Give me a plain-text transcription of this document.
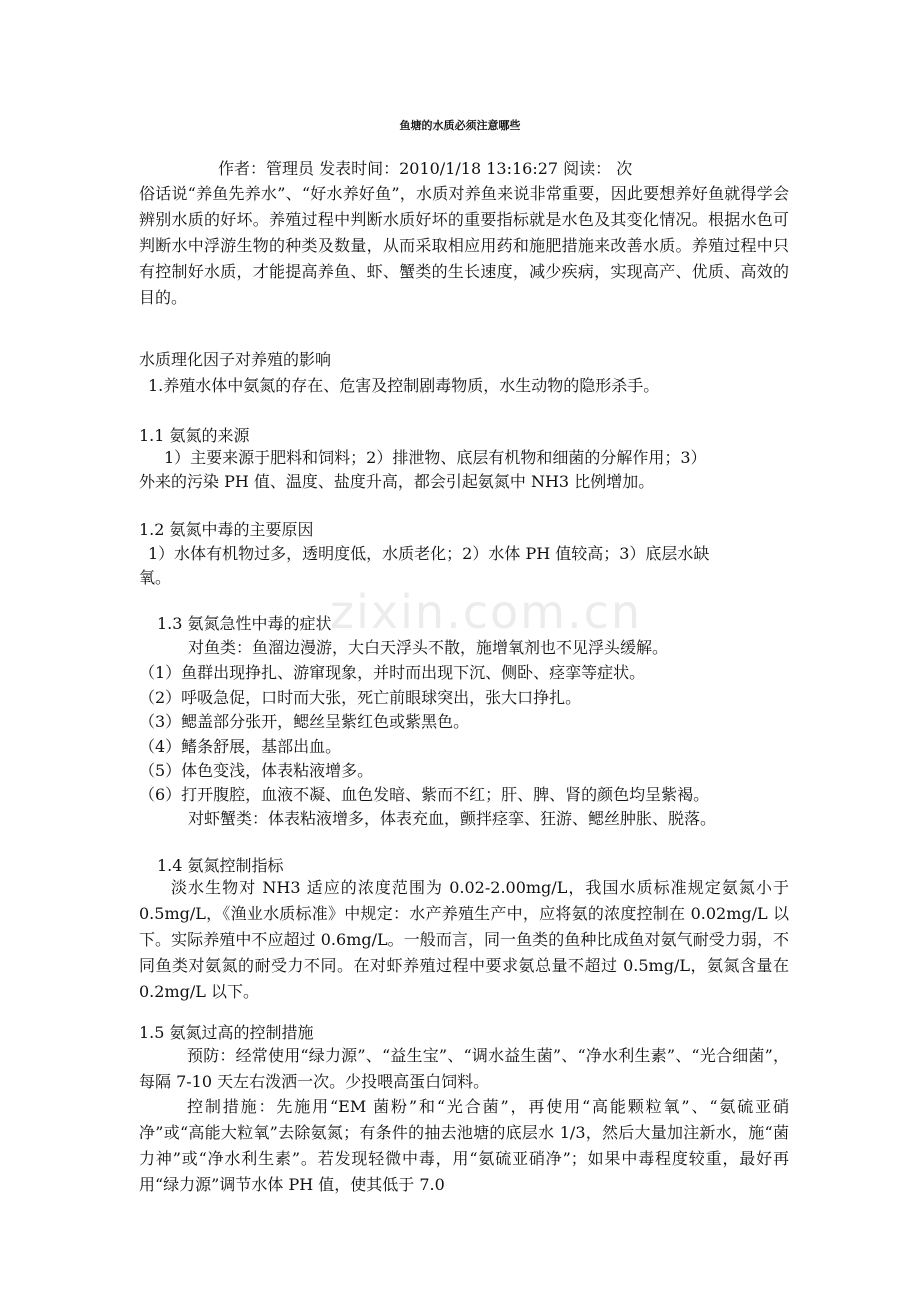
鱼塘的水质必须注意哪些
作者：管理员 发表时间：2010/1/18 13:16:27 阅读： 次
俗话说“养鱼先养水”、“好水养好鱼”，水质对养鱼来说非常重要，因此要想养好鱼就得学会辨别水质的好坏。养殖过程中判断水质好坏的重要指标就是水色及其变化情况。根据水色可判断水中浮游生物的种类及数量，从而采取相应用药和施肥措施来改善水质。养殖过程中只有控制好水质，才能提高养鱼、虾、蟹类的生长速度，减少疾病，实现高产、优质、高效的目的。
水质理化因子对养殖的影响
1.养殖水体中氨氮的存在、危害及控制剧毒物质，水生动物的隐形杀手。
1.1 氨氮的来源
1）主要来源于肥料和饲料；2）排泄物、底层有机物和细菌的分解作用；3）
外来的污染 PH 值、温度、盐度升高，都会引起氨氮中 NH3 比例增加。
1.2 氨氮中毒的主要原因
1）水体有机物过多，透明度低，水质老化；2）水体 PH 值较高；3）底层水缺
氧。
1.3 氨氮急性中毒的症状
对鱼类：鱼溜边漫游，大白天浮头不散，施增氧剂也不见浮头缓解。
（1）鱼群出现挣扎、游窜现象，并时而出现下沉、侧卧、痉挛等症状。
（2）呼吸急促，口时而大张，死亡前眼球突出，张大口挣扎。
（3）鳃盖部分张开，鳃丝呈紫红色或紫黑色。
（4）鳍条舒展，基部出血。
（5）体色变浅，体表粘液增多。
（6）打开腹腔，血液不凝、血色发暗、紫而不红；肝、脾、肾的颜色均呈紫褐。
对虾蟹类：体表粘液增多，体表充血，颤拌痉挛、狂游、鳃丝肿胀、脱落。
1.4 氨氮控制指标
淡水生物对 NH3 适应的浓度范围为 0.02-2.00mg/L，我国水质标准规定氨氮小于 0.5mg/L，《渔业水质标准》中规定：水产养殖生产中，应将氨的浓度控制在 0.02mg/L 以下。实际养殖中不应超过 0.6mg/L。一般而言，同一鱼类的鱼种比成鱼对氨气耐受力弱，不同鱼类对氨氮的耐受力不同。在对虾养殖过程中要求氨总量不超过 0.5mg/L，氨氮含量在 0.2mg/L 以下。
1.5 氨氮过高的控制措施
预防：经常使用“绿力源”、“益生宝”、“调水益生菌”、“净水利生素”、“光合细菌”，每隔 7-10 天左右泼洒一次。少投喂高蛋白饲料。
控制措施：先施用“EM 菌粉”和“光合菌”，再使用“高能颗粒氧”、“氨硫亚硝净”或“高能大粒氧”去除氨氮；有条件的抽去池塘的底层水 1/3，然后大量加注新水，施“菌力神”或“净水利生素”。若发现轻微中毒，用“氨硫亚硝净”；如果中毒程度较重，最好再用“绿力源”调节水体 PH 值，使其低于 7.0
zixin.com.cn
